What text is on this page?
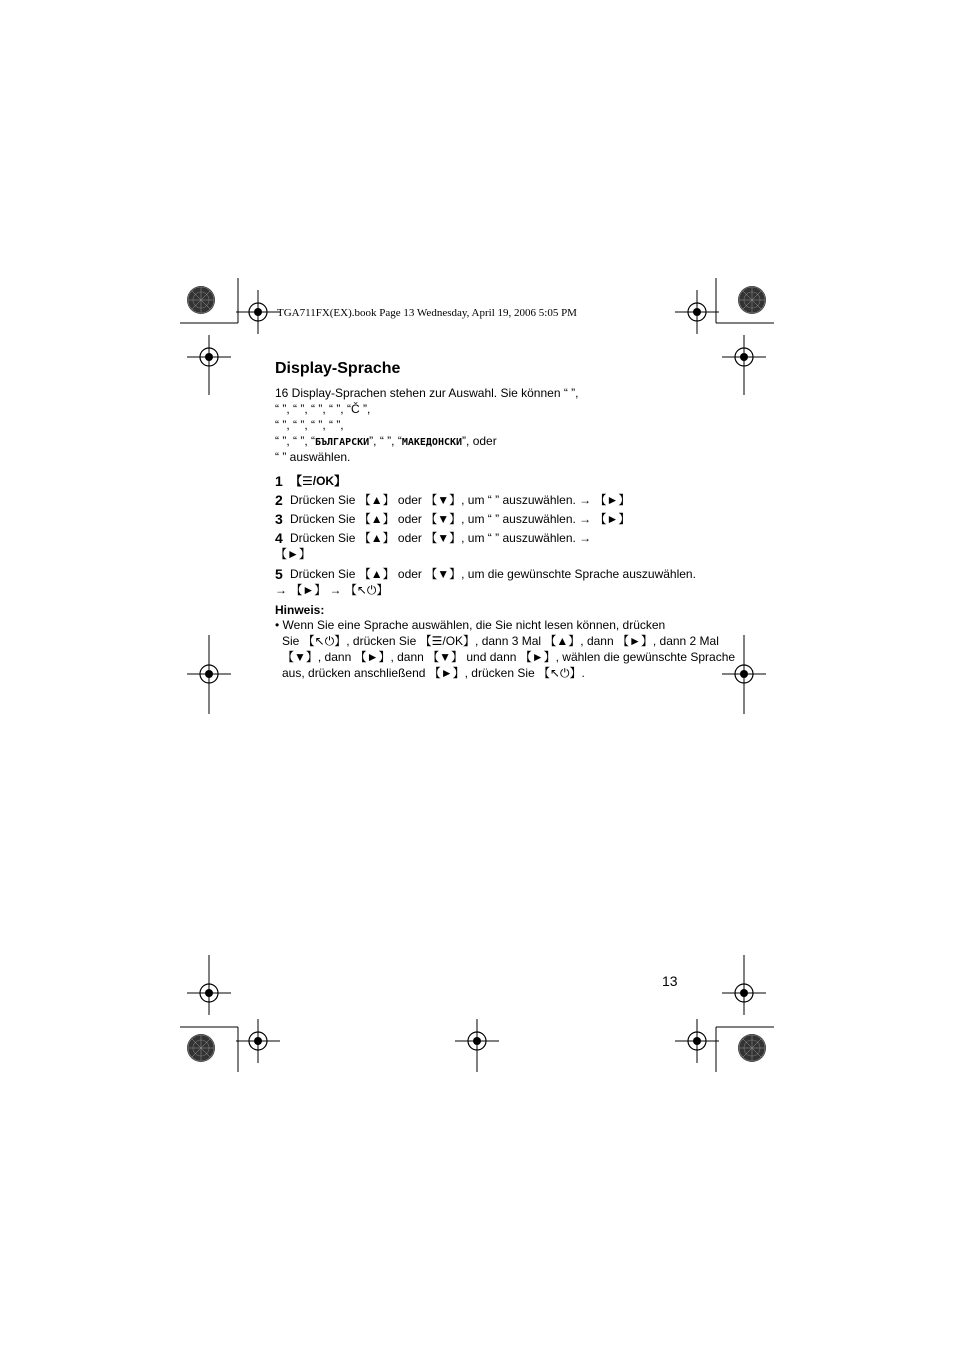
TGA711FX(EX).book Page 13 Wednesday, April 19, 2006 5:05 PM
Display-Sprache
16 Display-Sprachen stehen zur Auswahl. Sie können “ ”,
“ ”, “ ”, “ ”, “ ”, “Č ”,
“ ”, “ ”, “ ”, “ ”,
“ ”, “ ”, “БЪЛГАРСКИ”, “ ”, “МАКЕДОНСКИ”, oder
“ ” auswählen.
1 【☰/OK】
2 Drücken Sie 【▲】 oder 【▼】, um “ ” auszuwählen. → 【►】
3 Drücken Sie 【▲】 oder 【▼】, um “ ” auszuwählen. → 【►】
4 Drücken Sie 【▲】 oder 【▼】, um “ ” auszuwählen. →
【►】
5 Drücken Sie 【▲】 oder 【▼】, um die gewünschte Sprache auszuwählen.
→ 【►】 → 【↖⏻】
Hinweis:
• Wenn Sie eine Sprache auswählen, die Sie nicht lesen können, drücken
Sie 【↖⏻】, drücken Sie 【☰/OK】, dann 3 Mal 【▲】, dann 【►】, dann 2 Mal
【▼】, dann 【►】, dann 【▼】 und dann 【►】, wählen die gewünschte Sprache
aus, drücken anschließend 【►】, drücken Sie 【↖⏻】.
13
